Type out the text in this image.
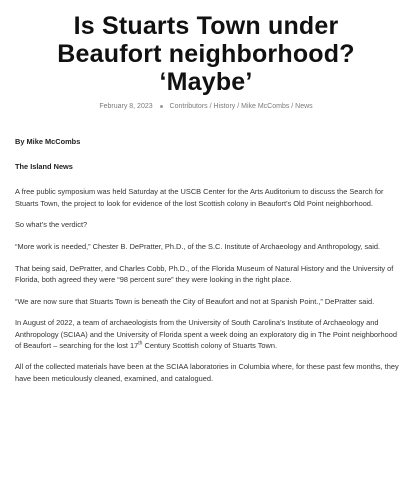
Is Stuarts Town under
Beaufort neighborhood?
‘Maybe’
February 8, 2023 Contributors / History / Mike McCombs / News

By Mike McCombs

The Island News

A free public symposium was held Saturday at the USCB Center for the Arts Auditorium to discuss the Search for Stuarts Town, the project to look for evidence of the lost Scottish colony in Beaufort’s Old Point neighborhood.

So what’s the verdict?

“More work is needed,” Chester B. DePratter, Ph.D., of the S.C. Institute of Archaeology and Anthropology, said.

That being said, DePratter, and Charles Cobb, Ph.D., of the Florida Museum of Natural History and the University of Florida, both agreed they were “98 percent sure” they were looking in the right place.

“We are now sure that Stuarts Town is beneath the City of Beaufort and not at Spanish Point.,” DePratter said.

In August of 2022, a team of archaeologists from the University of South Carolina’s Institute of Archaeology and Anthropology (SCIAA) and the University of Florida spent a week doing an exploratory dig in The Point neighborhood of Beaufort – searching for the lost 17th Century Scottish colony of Stuarts Town.

All of the collected materials have been at the SCIAA laboratories in Columbia where, for these past few months, they have been meticulously cleaned, examined, and catalogued.
